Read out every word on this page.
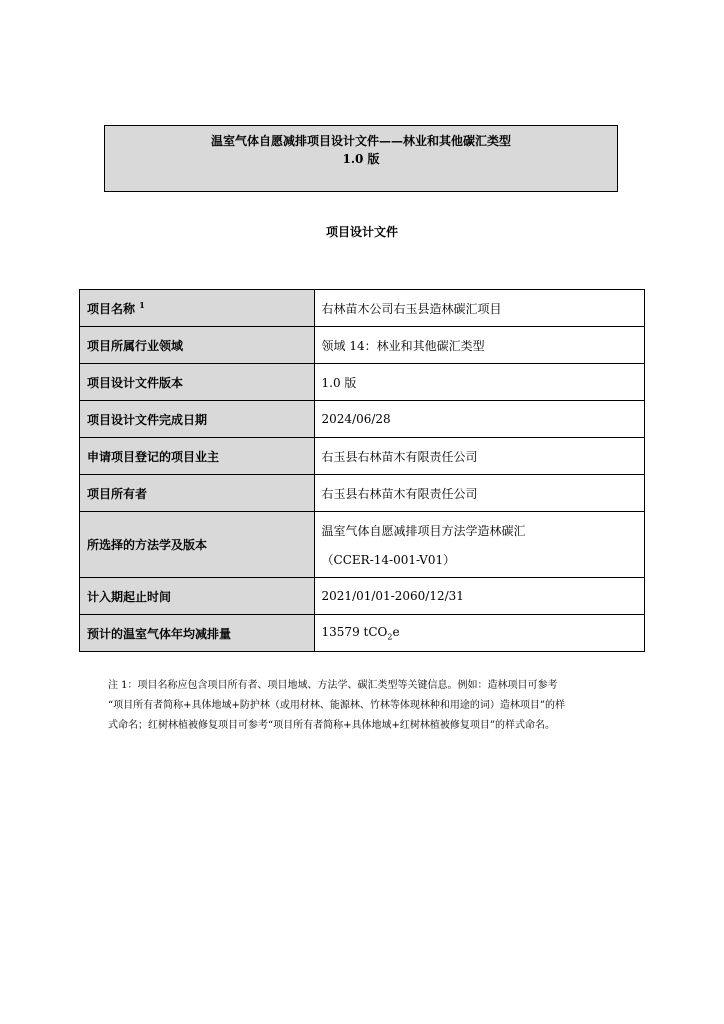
温室气体自愿减排项目设计文件——林业和其他碳汇类型
1.0 版
项目设计文件
项目名称 $^1$	右林苗木公司右玉县造林碳汇项目
项目所属行业领域	领域 14：林业和其他碳汇类型
项目设计文件版本	1.0 版
项目设计文件完成日期	2024/06/28
申请项目登记的项目业主	右玉县右林苗木有限责任公司
项目所有者	右玉县右林苗木有限责任公司
所选择的方法学及版本	温室气体自愿减排项目方法学造林碳汇
（CCER-14-001-V01）

计入期起止时间	2021/01/01-2060/12/31
预计的温室气体年均减排量	13579 tCO$_2$e
注 1：项目名称应包含项目所有者、项目地域、方法学、碳汇类型等关键信息。例如：造林项目可参考
“项目所有者简称+具体地域+防护林（或用材林、能源林、竹林等体现林种和用途的词）造林项目”的样
式命名；红树林植被修复项目可参考“项目所有者简称+具体地域+红树林植被修复项目”的样式命名。
